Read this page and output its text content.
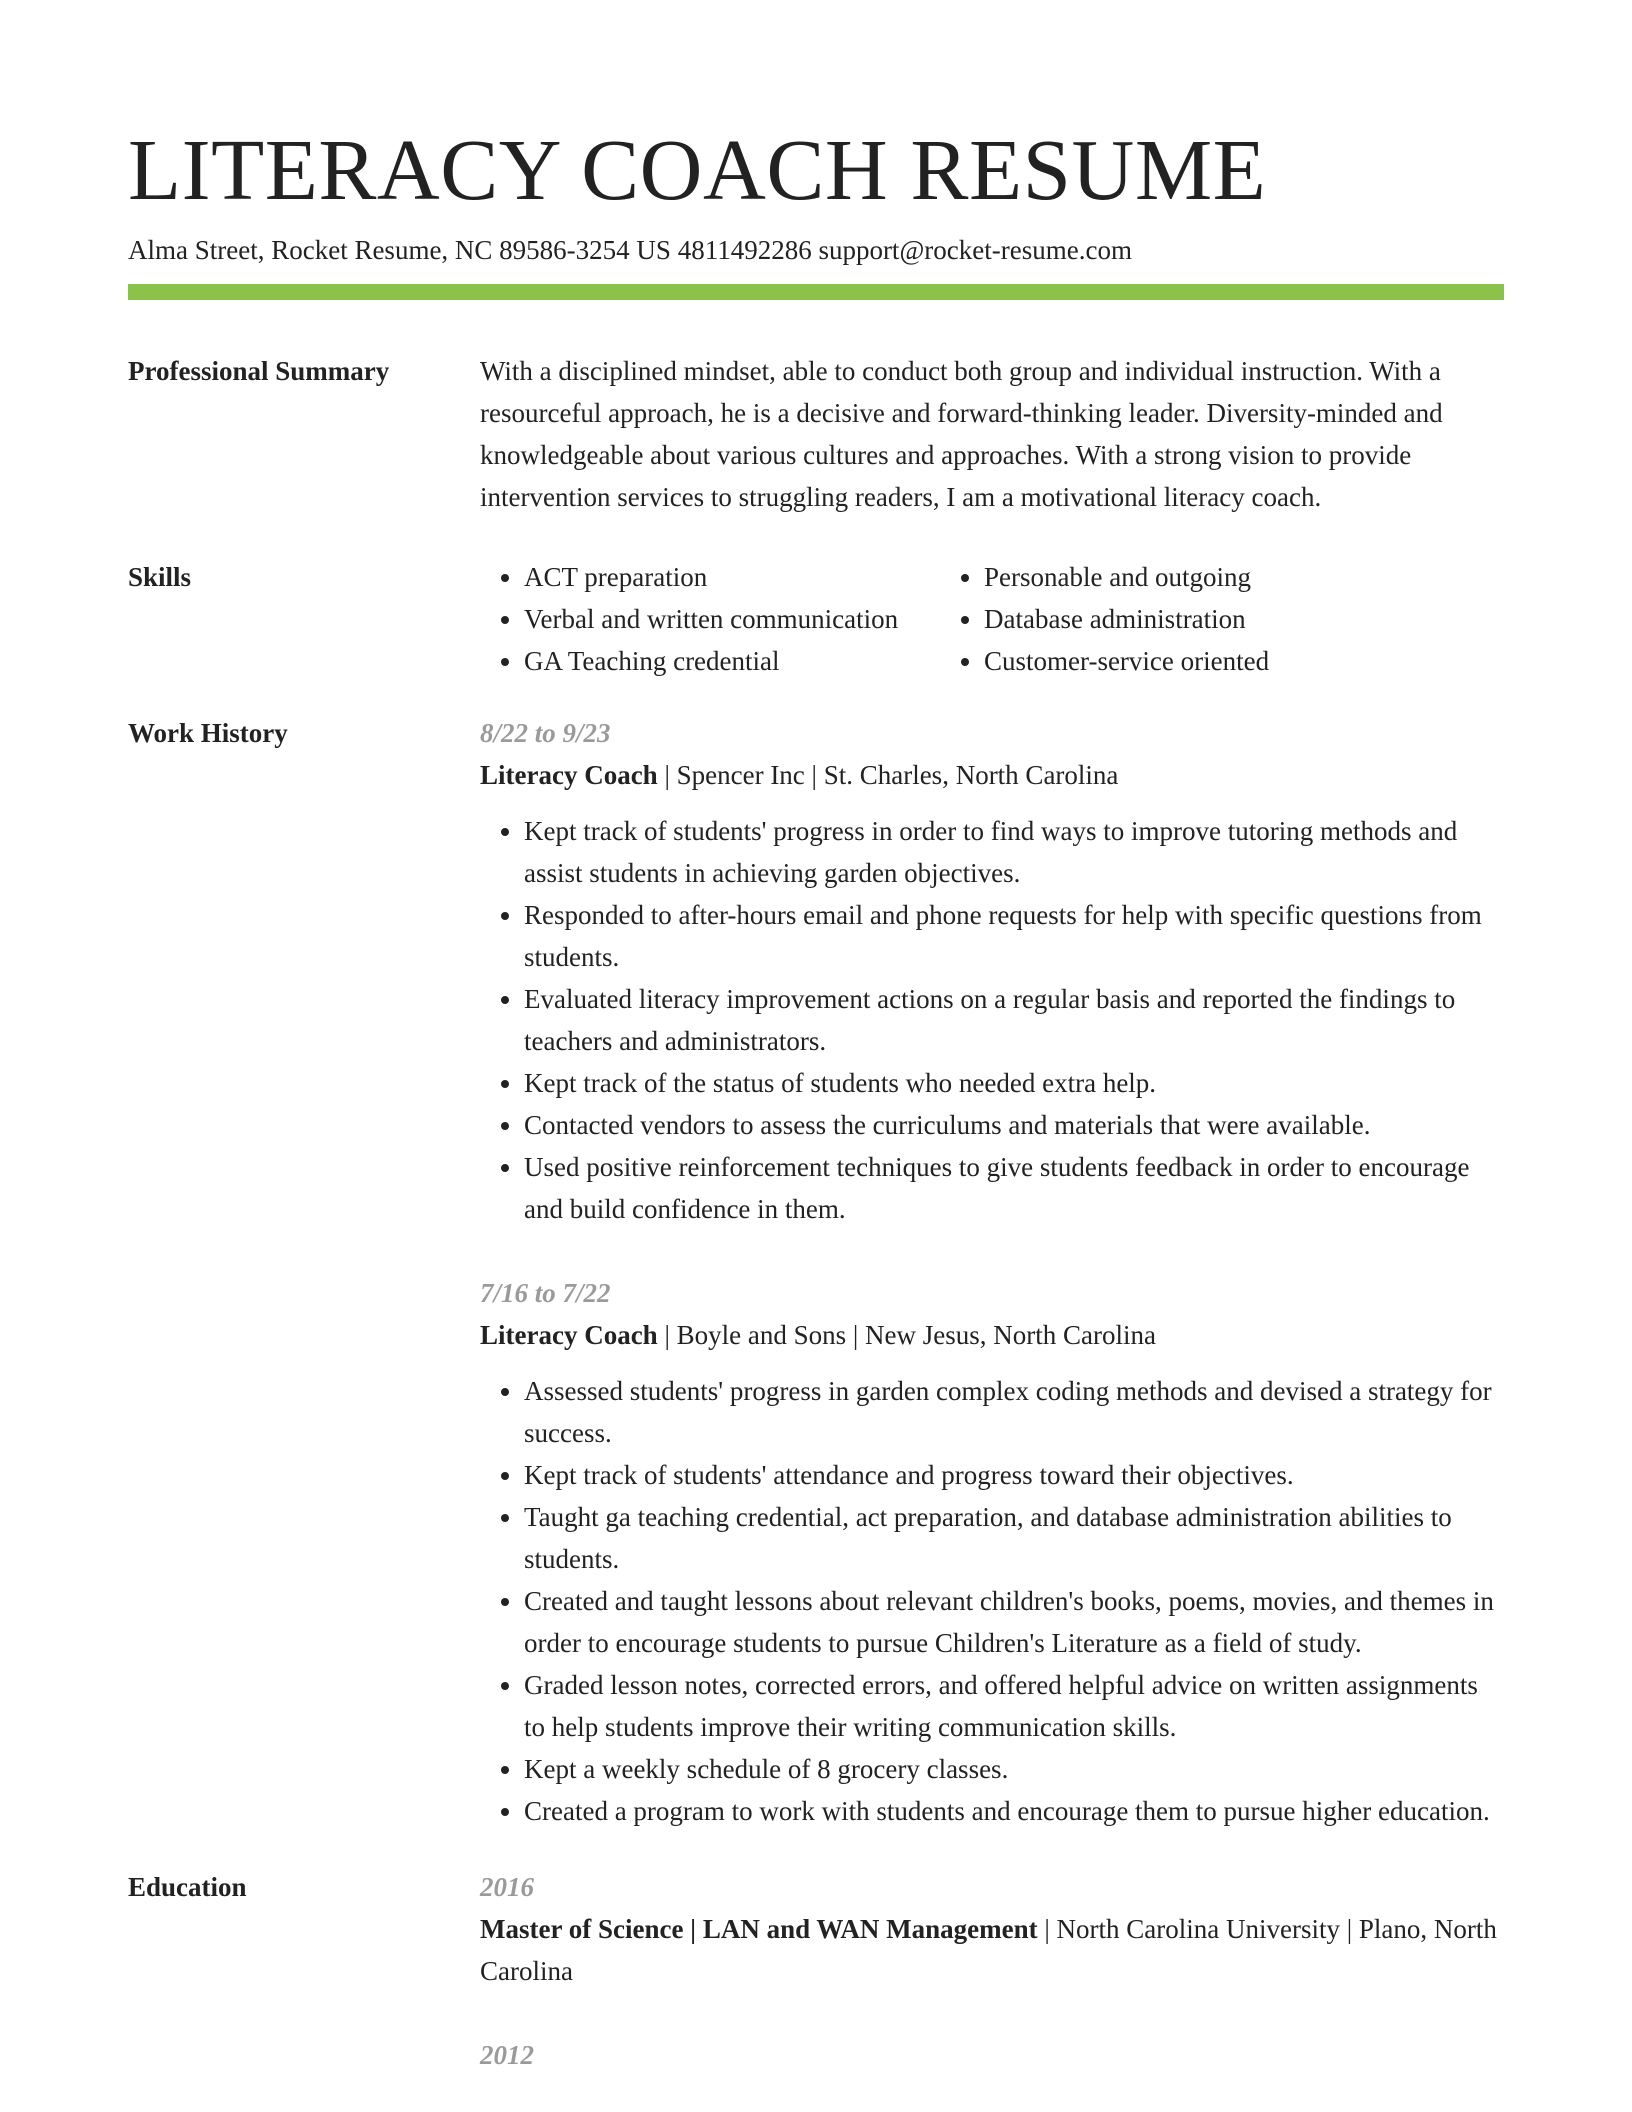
LITERACY COACH RESUME
Alma Street, Rocket Resume, NC 89586-3254 US 4811492286 support@rocket-resume.com
Professional Summary	With a disciplined mindset, able to conduct both group and individual instruction. With a resourceful approach, he is a decisive and forward-thinking leader. Diversity-minded and knowledgeable about various cultures and approaches. With a strong vision to provide intervention services to struggling readers, I am a motivational literacy coach.
Skills
•	ACT preparation
• Verbal and written communication
• GA Teaching credential
• Personable and outgoing
• Database administration
• Customer-service oriented
Work History	8/22 to 9/23
Literacy Coach | Spencer Inc | St. Charles, North Carolina
• Kept track of students' progress in order to find ways to improve tutoring methods and assist students in achieving garden objectives.
• Responded to after-hours email and phone requests for help with specific questions from students.
• Evaluated literacy improvement actions on a regular basis and reported the findings to teachers and administrators.
• Kept track of the status of students who needed extra help.
• Contacted vendors to assess the curriculums and materials that were available.
• Used positive reinforcement techniques to give students feedback in order to encourage and build confidence in them.
7/16 to 7/22
Literacy Coach | Boyle and Sons | New Jesus, North Carolina
• Assessed students' progress in garden complex coding methods and devised a strategy for success.
• Kept track of students' attendance and progress toward their objectives.
• Taught ga teaching credential, act preparation, and database administration abilities to students.
• Created and taught lessons about relevant children's books, poems, movies, and themes in order to encourage students to pursue Children's Literature as a field of study.
• Graded lesson notes, corrected errors, and offered helpful advice on written assignments to help students improve their writing communication skills.
• Kept a weekly schedule of 8 grocery classes.
• Created a program to work with students and encourage them to pursue higher education.
Education	2016
Master of Science | LAN and WAN Management | North Carolina University | Plano, North Carolina
2012
